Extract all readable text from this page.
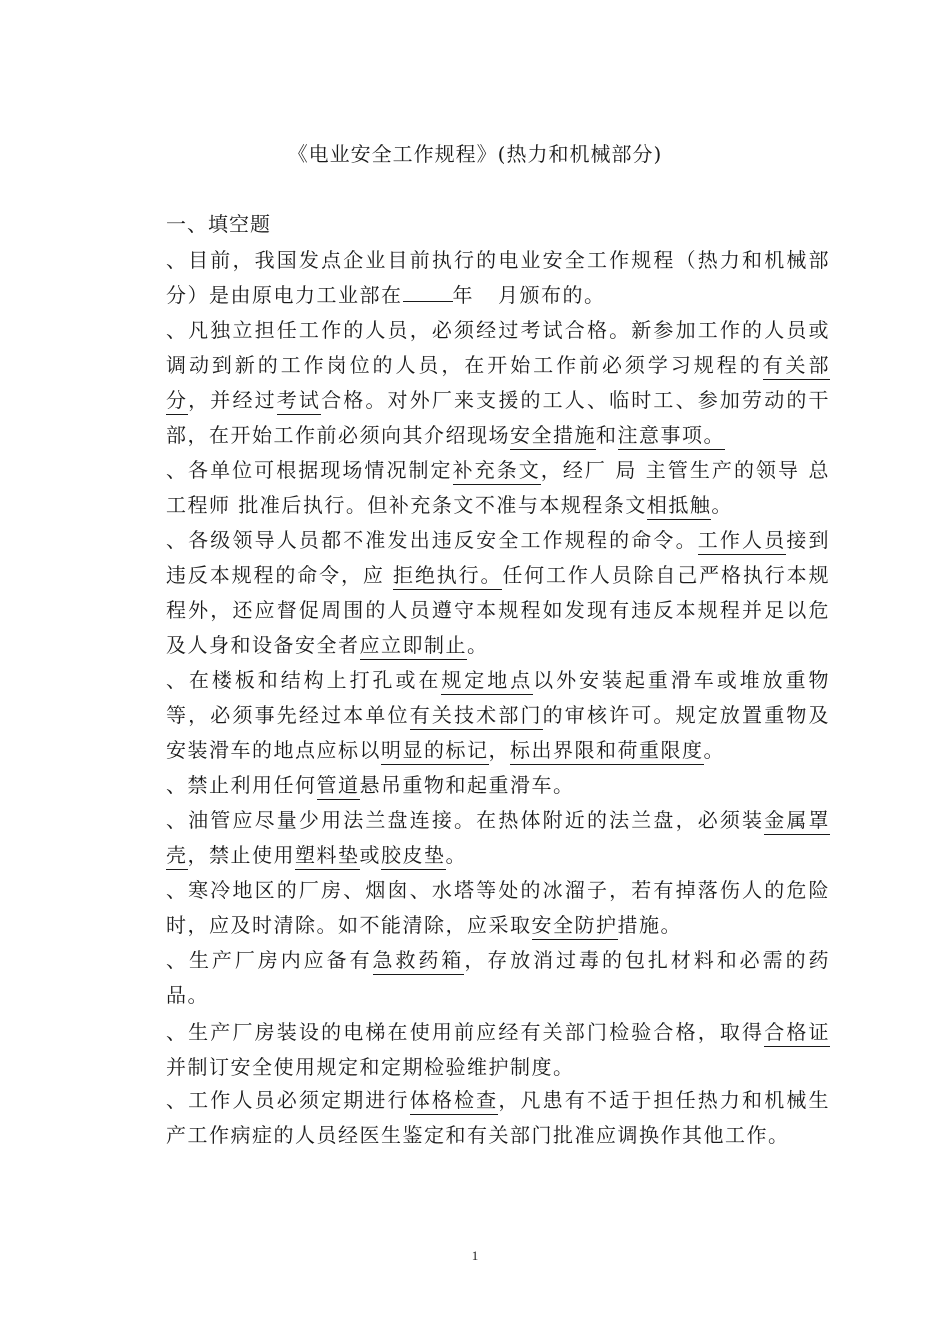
《电业安全工作规程》(热力和机械部分)
一、填空题

、目前，我国发点企业目前执行的电业安全工作规程（热力和机械部分）是由原电力工业部在	年 月颁布的。

、凡独立担任工作的人员，必须经过考试合格。新参加工作的人员或调动到新的工作岗位的人员，在开始工作前必须学习规程的有关部分，并经过考试合格。对外厂来支援的工人、临时工、参加劳动的干部，在开始工作前必须向其介绍现场安全措施和注意事项。

、各单位可根据现场情况制定补充条文，经厂 局 主管生产的领导 总工程师 批准后执行。但补充条文不准与本规程条文相抵触。

、各级领导人员都不准发出违反安全工作规程的命令。工作人员接到违反本规程的命令，应 拒绝执行。任何工作人员除自己严格执行本规程外，还应督促周围的人员遵守本规程如发现有违反本规程并足以危及人身和设备安全者应立即制止。

、在楼板和结构上打孔或在规定地点以外安装起重滑车或堆放重物等，必须事先经过本单位有关技术部门的审核许可。规定放置重物及安装滑车的地点应标以明显的标记，标出界限和荷重限度。

、禁止利用任何管道悬吊重物和起重滑车。

、油管应尽量少用法兰盘连接。在热体附近的法兰盘，必须装金属罩壳，禁止使用塑料垫或胶皮垫。

、寒冷地区的厂房、烟囱、水塔等处的冰溜子，若有掉落伤人的危险时，应及时清除。如不能清除，应采取安全防护措施。

、生产厂房内应备有急救药箱，存放消过毒的包扎材料和必需的药品。

、生产厂房装设的电梯在使用前应经有关部门检验合格，取得合格证并制订安全使用规定和定期检验维护制度。

、工作人员必须定期进行体格检查，凡患有不适于担任热力和机械生产工作病症的人员经医生鉴定和有关部门批准应调换作其他工作。

1
